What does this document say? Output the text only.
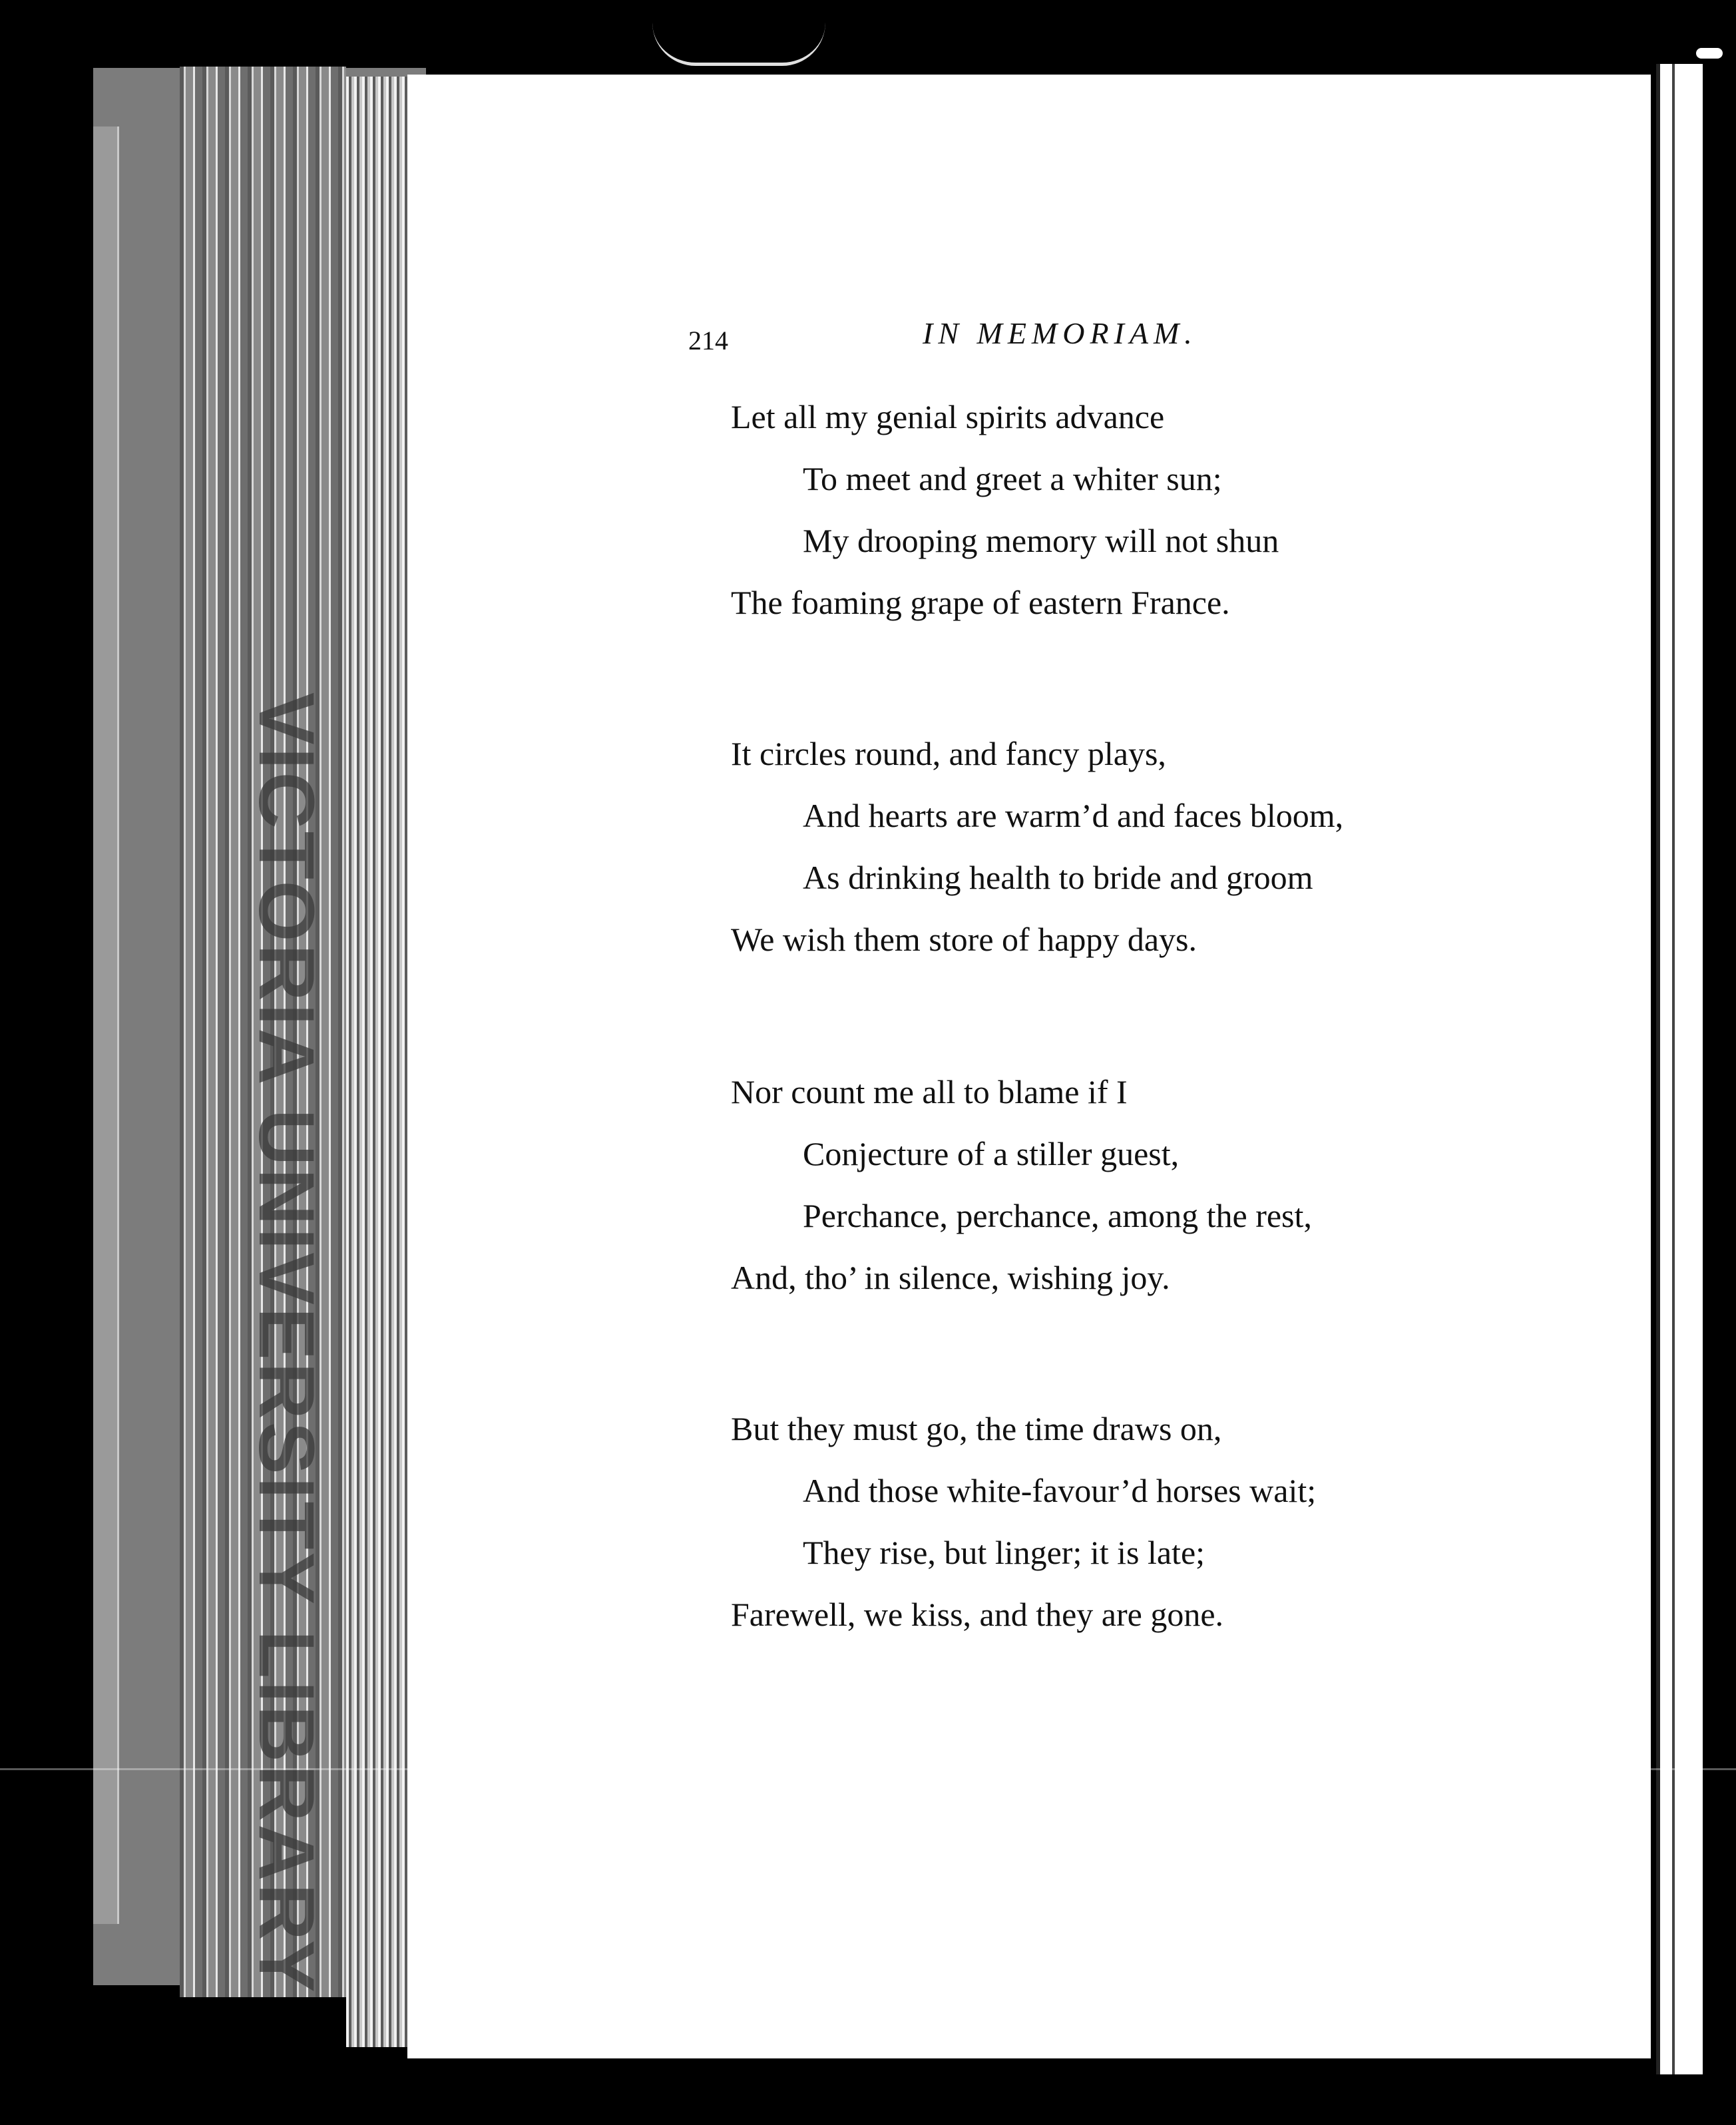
VICTORIA UNIVERSITY LIBRARY
214	IN MEMORIAM.
Let all my genial spirits advance
To meet and greet a whiter sun;
My drooping memory will not shun
The foaming grape of eastern France.
It circles round, and fancy plays,
And hearts are warm’d and faces bloom,
As drinking health to bride and groom
We wish them store of happy days.
Nor count me all to blame if I
Conjecture of a stiller guest,
Perchance, perchance, among the rest,
And, tho’ in silence, wishing joy.
But they must go, the time draws on,
And those white-favour’d horses wait;
They rise, but linger; it is late;
Farewell, we kiss, and they are gone.
